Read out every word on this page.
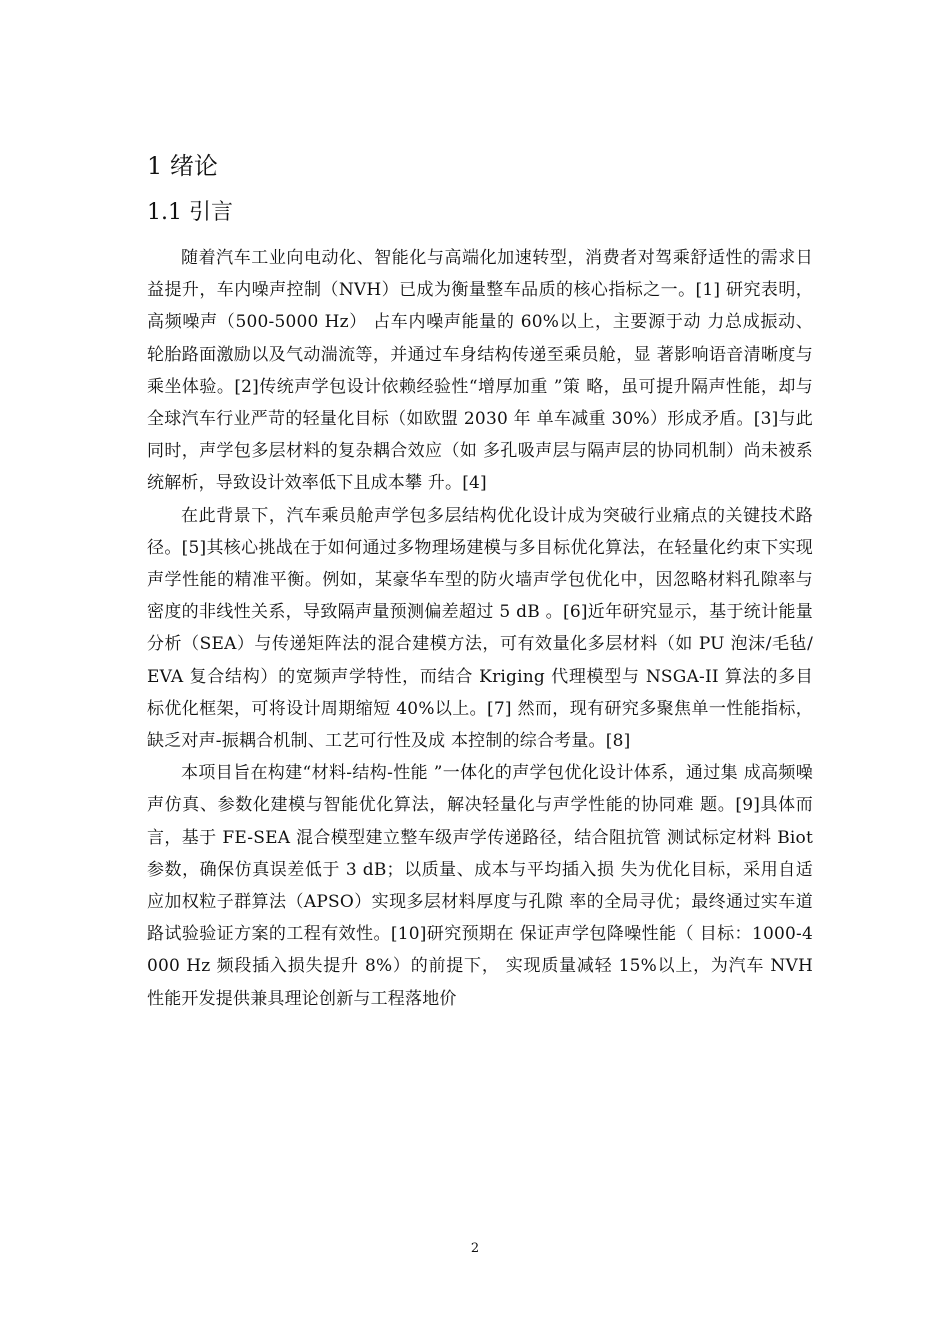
1 绪论
1.1 引言

随着汽车工业向电动化、智能化与高端化加速转型，消费者对驾乘舒适性的需求日益提升，车内噪声控制（NVH）已成为衡量整车品质的核心指标之一。[1] 研究表明，高频噪声（500-5000 Hz） 占车内噪声能量的 60%以上，主要源于动 力总成振动、轮胎路面激励以及气动湍流等，并通过车身结构传递至乘员舱，显 著影响语音清晰度与乘坐体验。[2]传统声学包设计依赖经验性“增厚加重 ”策 略，虽可提升隔声性能，却与全球汽车行业严苛的轻量化目标（如欧盟 2030 年 单车减重 30%）形成矛盾。[3]与此同时，声学包多层材料的复杂耦合效应（如 多孔吸声层与隔声层的协同机制）尚未被系统解析，导致设计效率低下且成本攀 升。[4]

在此背景下，汽车乘员舱声学包多层结构优化设计成为突破行业痛点的关键技术路径。[5]其核心挑战在于如何通过多物理场建模与多目标优化算法，在轻量化约束下实现声学性能的精准平衡。例如，某豪华车型的防火墙声学包优化中，因忽略材料孔隙率与密度的非线性关系，导致隔声量预测偏差超过 5 dB 。[6]近年研究显示，基于统计能量分析（SEA）与传递矩阵法的混合建模方法，可有效量化多层材料（如 PU 泡沫/毛毡/EVA 复合结构）的宽频声学特性，而结合 Kriging 代理模型与 NSGA-II 算法的多目标优化框架，可将设计周期缩短 40%以上。[7] 然而，现有研究多聚焦单一性能指标，缺乏对声-振耦合机制、工艺可行性及成 本控制的综合考量。[8]

本项目旨在构建“材料-结构-性能 ”一体化的声学包优化设计体系，通过集 成高频噪声仿真、参数化建模与智能优化算法，解决轻量化与声学性能的协同难 题。[9]具体而言，基于 FE-SEA 混合模型建立整车级声学传递路径，结合阻抗管 测试标定材料 Biot 参数，确保仿真误差低于 3 dB；以质量、成本与平均插入损 失为优化目标，采用自适应加权粒子群算法（APSO）实现多层材料厚度与孔隙 率的全局寻优；最终通过实车道路试验验证方案的工程有效性。[10]研究预期在 保证声学包降噪性能（ 目标：1000-4000 Hz 频段插入损失提升 8%）的前提下， 实现质量减轻 15%以上，为汽车 NVH 性能开发提供兼具理论创新与工程落地价

2
